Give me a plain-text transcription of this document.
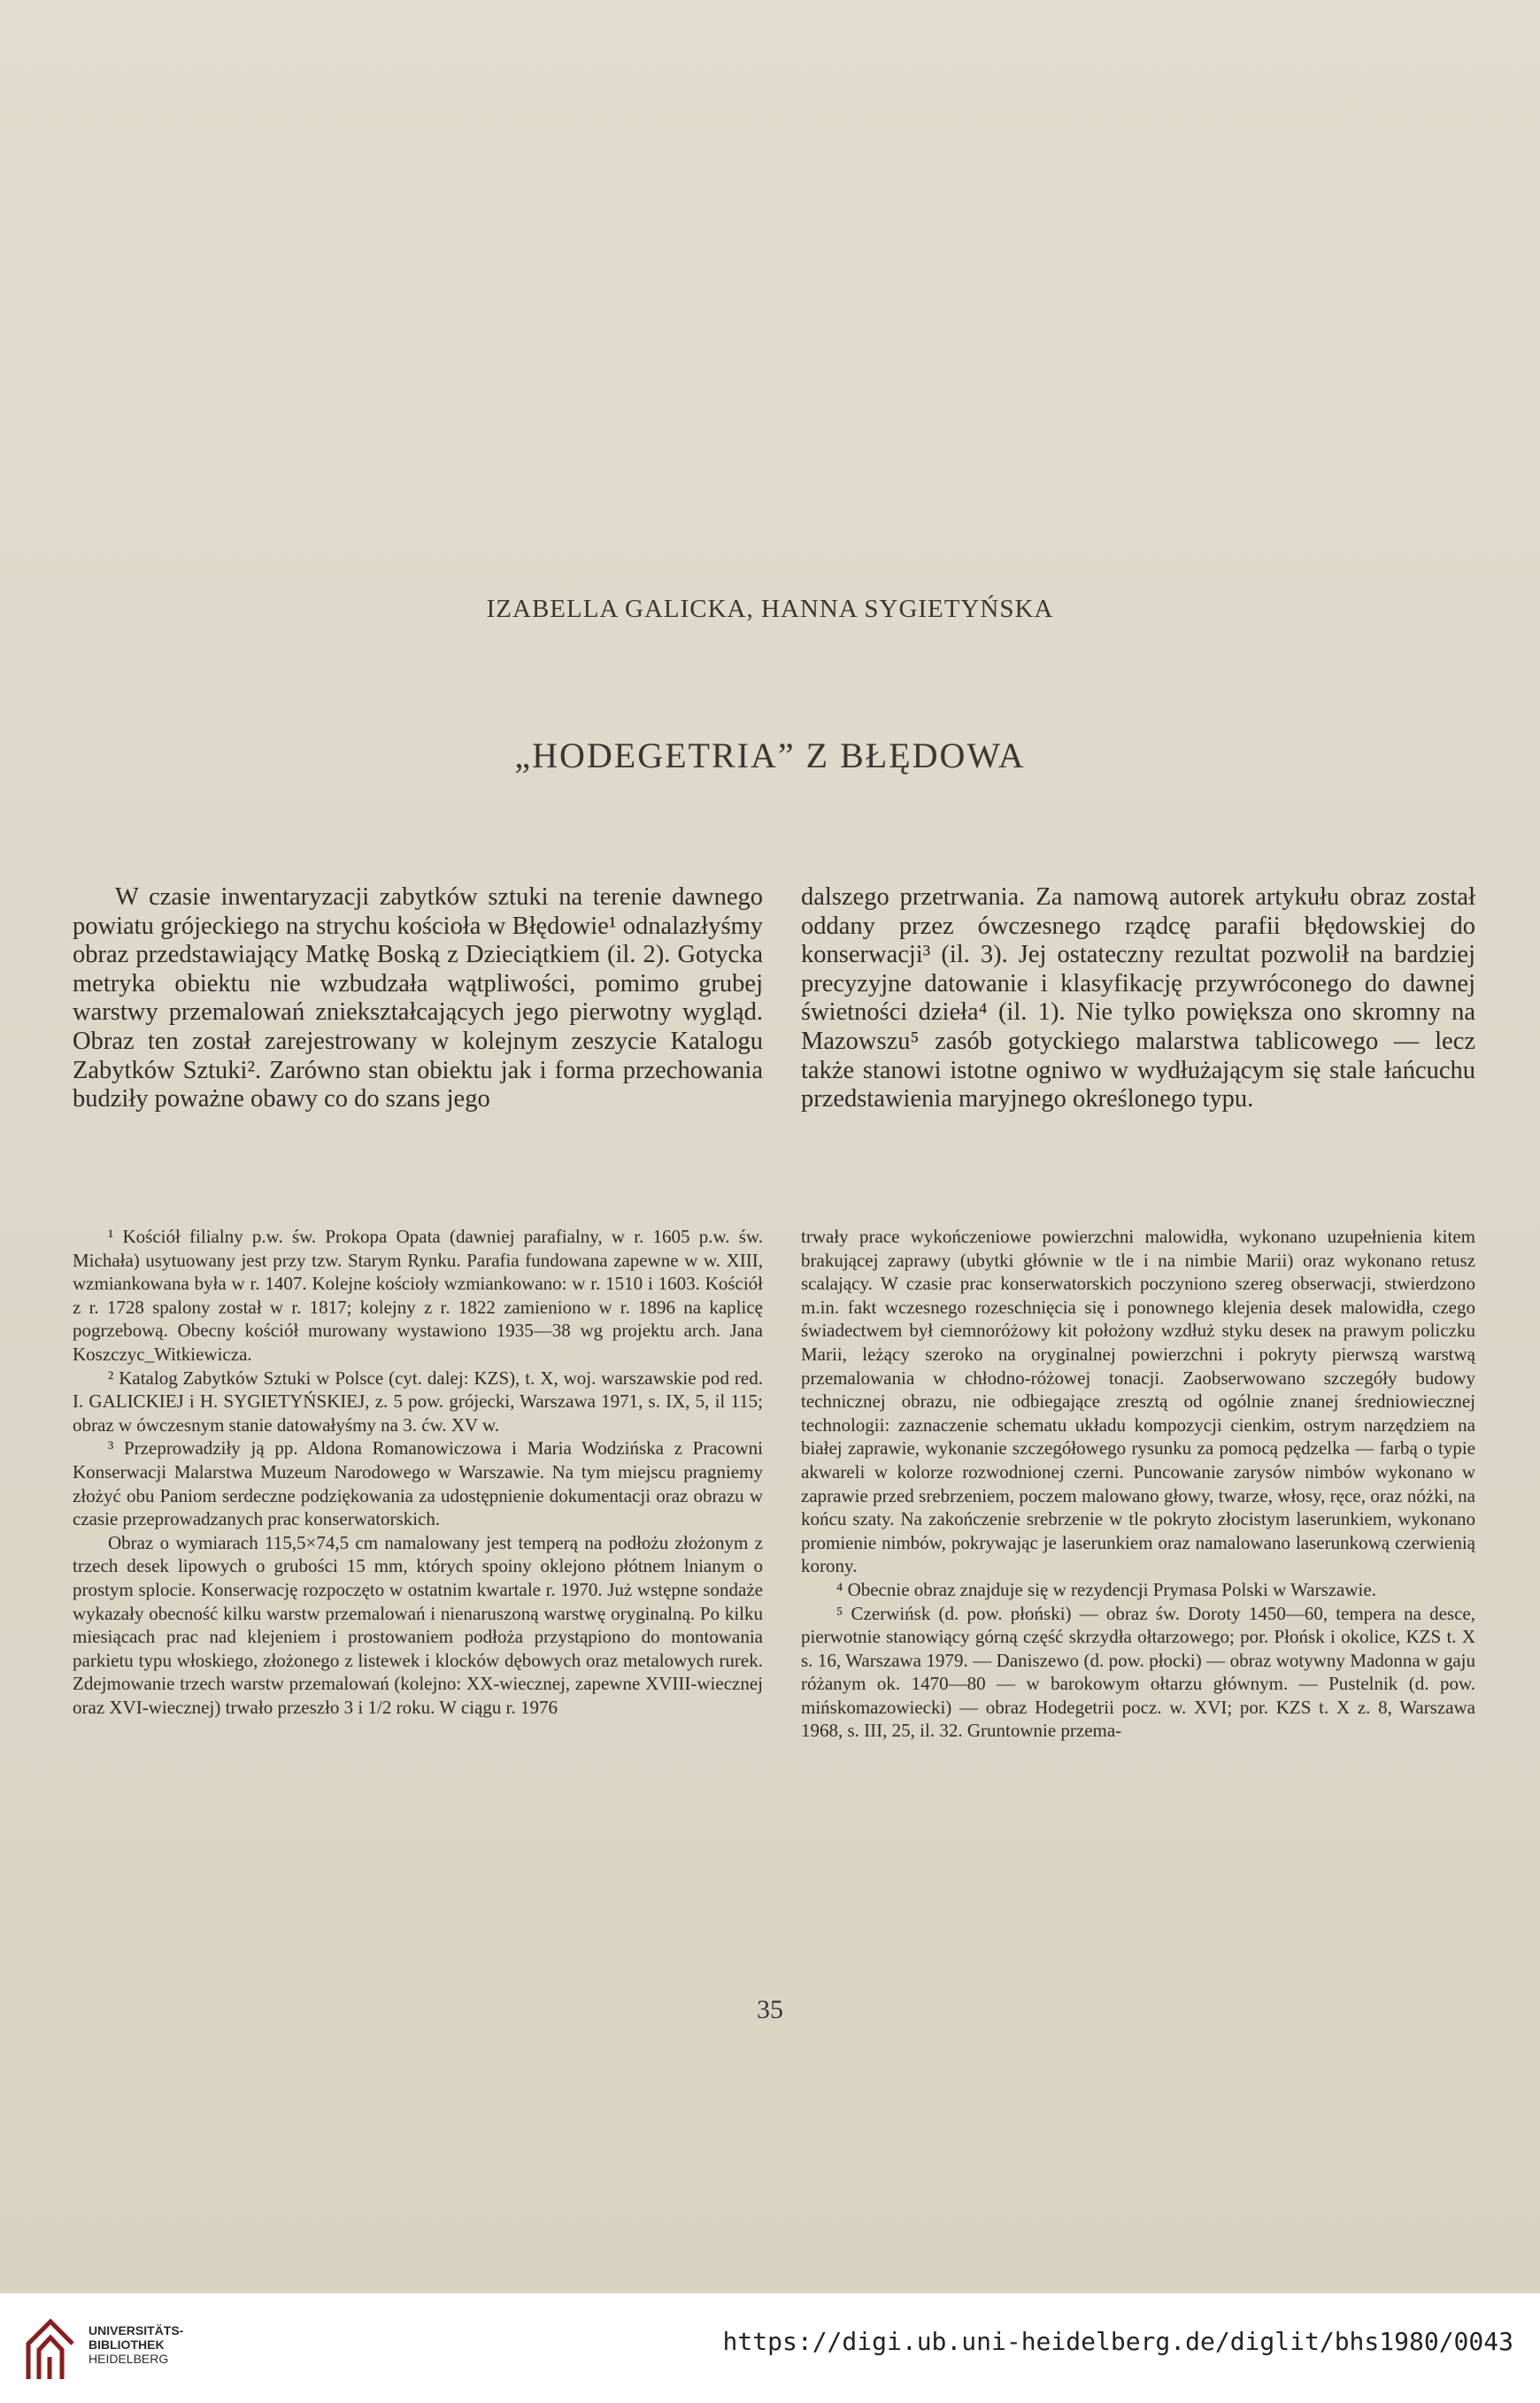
IZABELLA GALICKA, HANNA SYGIETYŃSKA
„HODEGETRIA” Z BŁĘDOWA

W czasie inwentaryzacji zabytków sztuki na terenie dawnego powiatu grójeckiego na strychu kościoła w Błędowie¹ odnalazłyśmy obraz przedstawiający Matkę Boską z Dzieciątkiem (il. 2). Gotycka metryka obiektu nie wzbudzała wątpliwości, pomimo grubej warstwy przemalowań zniekształcających jego pierwotny wygląd. Obraz ten został zarejestrowany w kolejnym zeszycie Katalogu Zabytków Sztuki². Zarówno stan obiektu jak i forma przechowania budziły poważne obawy co do szans jego

dalszego przetrwania. Za namową autorek artykułu obraz został oddany przez ówczesnego rządcę parafii błędowskiej do konserwacji³ (il. 3). Jej ostateczny rezultat pozwolił na bardziej precyzyjne datowanie i klasyfikację przywróconego do dawnej świetności dzieła⁴ (il. 1). Nie tylko powiększa ono skromny na Mazowszu⁵ zasób gotyckiego malarstwa tablicowego — lecz także stanowi istotne ogniwo w wydłużającym się stale łańcuchu przedstawienia maryjnego określonego typu.

¹ Kościół filialny p.w. św. Prokopa Opata (dawniej parafialny, w r. 1605 p.w. św. Michała) usytuowany jest przy tzw. Starym Rynku. Parafia fundowana zapewne w w. XIII, wzmiankowana była w r. 1407. Kolejne kościoły wzmiankowano: w r. 1510 i 1603. Kościół z r. 1728 spalony został w r. 1817; kolejny z r. 1822 zamieniono w r. 1896 na kaplicę pogrzebową. Obecny kościół murowany wystawiono 1935—38 wg projektu arch. Jana Koszczyc_Witkiewicza.

² Katalog Zabytków Sztuki w Polsce (cyt. dalej: KZS), t. X, woj. warszawskie pod red. I. GALICKIEJ i H. SYGIETYŃSKIEJ, z. 5 pow. grójecki, Warszawa 1971, s. IX, 5, il 115; obraz w ówczesnym stanie datowałyśmy na 3. ćw. XV w.

³ Przeprowadziły ją pp. Aldona Romanowiczowa i Maria Wodzińska z Pracowni Konserwacji Malarstwa Muzeum Narodowego w Warszawie. Na tym miejscu pragniemy złożyć obu Paniom serdeczne podziękowania za udostępnienie dokumentacji oraz obrazu w czasie przeprowadzanych prac konserwatorskich.

Obraz o wymiarach 115,5×74,5 cm namalowany jest temperą na podłożu złożonym z trzech desek lipowych o grubości 15 mm, których spoiny oklejono płótnem lnianym o prostym splocie. Konserwację rozpoczęto w ostatnim kwartale r. 1970. Już wstępne sondaże wykazały obecność kilku warstw przemalowań i nienaruszoną warstwę oryginalną. Po kilku miesiącach prac nad klejeniem i prostowaniem podłoża przystąpiono do montowania parkietu typu włoskiego, złożonego z listewek i klocków dębowych oraz metalowych rurek. Zdejmowanie trzech warstw przemalowań (kolejno: XX-wiecznej, zapewne XVIII-wiecznej oraz XVI-wiecznej) trwało przeszło 3 i 1/2 roku. W ciągu r. 1976

trwały prace wykończeniowe powierzchni malowidła, wykonano uzupełnienia kitem brakującej zaprawy (ubytki głównie w tle i na nimbie Marii) oraz wykonano retusz scalający. W czasie prac konserwatorskich poczyniono szereg obserwacji, stwierdzono m.in. fakt wczesnego rozeschnięcia się i ponownego klejenia desek malowidła, czego świadectwem był ciemnoróżowy kit położony wzdłuż styku deseк na prawym policzku Marii, leżący szeroko na oryginalnej powierzchni i pokryty pierwszą warstwą przemalowania w chłodno-różowej tonacji. Zaobserwowano szczegóły budowy technicznej obrazu, nie odbiegające zresztą od ogólnie znanej średniowiecznej technologii: zaznaczenie schematu układu kompozycji cienkim, ostrym narzędziem na białej zaprawie, wykonanie szczegółowego rysunku za pomocą pędzelka — farbą o typie akwareli w kolorze rozwodnionej czerni. Puncowanie zarysów nimbów wykonano w zaprawie przed srebrzeniem, poczem malowano głowy, twarze, włosy, ręce, oraz nóżki, na końcu szaty. Na zakończenie srebrzenie w tle pokryto złocistym laserunkiem, wykonano promienie nimbów, pokrywając je laserunkiem oraz namalowano laserunkową czerwienią korony.

⁴ Obecnie obraz znajduje się w rezydencji Prymasa Polski w Warszawie.

⁵ Czerwińsk (d. pow. płoński) — obraz św. Doroty 1450—60, tempera na desce, pierwotnie stanowiący górną część skrzydła ołtarzowego; por. Płońsk i okolice, KZS t. X s. 16, Warszawa 1979. — Daniszewo (d. pow. płocki) — obraz wotywny Madonna w gaju różanym ok. 1470—80 — w barokowym ołtarzu głównym. — Pustelnik (d. pow. mińskomazowiecki) — obraz Hodegetrii pocz. w. XVI; por. KZS t. X z. 8, Warszawa 1968, s. III, 25, il. 32. Gruntownie przema-

35
UNIVERSITÄTS-
BIBLIOTHEK
HEIDELBERG
https://digi.ub.uni-heidelberg.de/diglit/bhs1980/0043
